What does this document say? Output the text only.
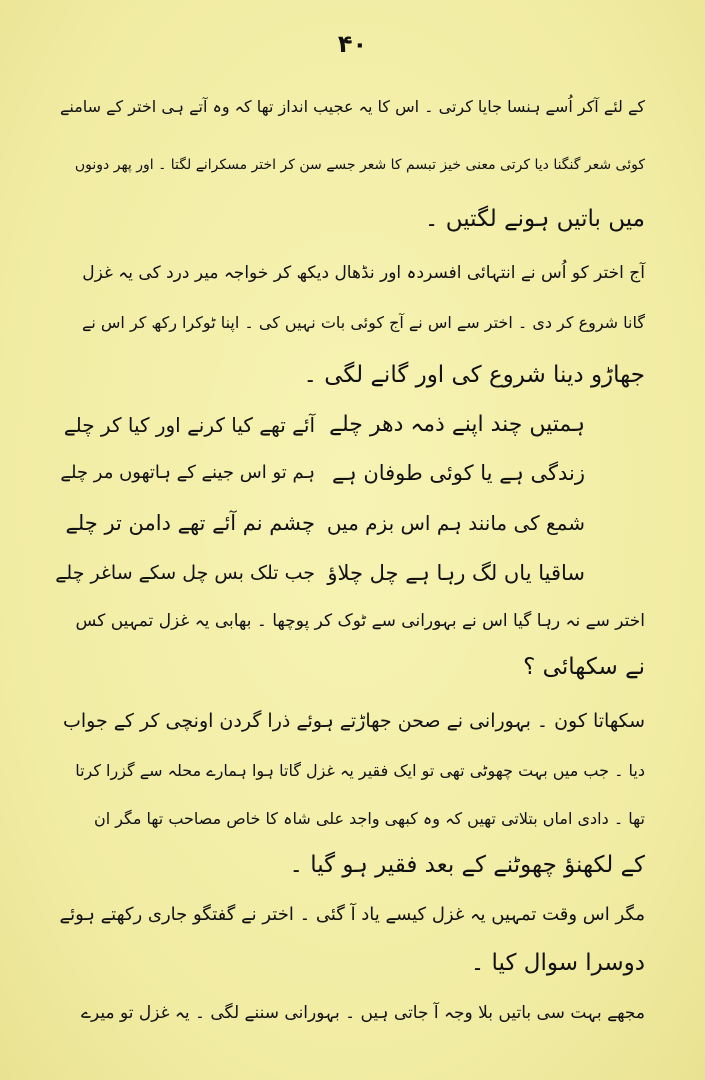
۴۰
کے لئے آکر اُسے ہنسا جایا کرتی ۔ اس کا یہ عجیب انداز تھا کہ وہ آتے ہی اختر کے سامنے
کوئی شعر گنگنا دیا کرتی معنی خیز تبسم کا شعر جسے سن کر اختر مسکرانے لگتا ۔ اور پھر دونوں
میں باتیں ہونے لگتیں ۔
آج اختر کو اُس نے انتہائی افسردہ اور نڈھال دیکھ کر خواجہ میر درد کی یہ غزل
گانا شروع کر دی ۔ اختر سے اس نے آج کوئی بات نہیں کی ۔ اپنا ٹوکرا رکھ کر اس نے
جھاڑو دینا شروع کی اور گانے لگی ۔
ہمتیں چند اپنے ذمہ دھر چلے
آئے تھے کیا کرنے اور کیا کر چلے
زندگی ہے یا کوئی طوفان ہے
ہم تو اس جینے کے ہاتھوں مر چلے
شمع کی مانند ہم اس بزم میں
چشم نم آئے تھے دامن تر چلے
ساقیا یاں لگ رہا ہے چل چلاؤ
جب تلک بس چل سکے ساغر چلے
اختر سے نہ رہا گیا اس نے بہورانی سے ٹوک کر پوچھا ۔ بھابی یہ غزل تمہیں کس
نے سکھائی ؟
سکھاتا کون ۔ بہورانی نے صحن جھاڑتے ہوئے ذرا گردن اونچی کر کے جواب
دیا ۔ جب میں بہت چھوٹی تھی تو ایک فقیر یہ غزل گاتا ہوا ہمارے محلہ سے گزرا کرتا
تھا ۔ دادی اماں بتلاتی تھیں کہ وہ کبھی واجد علی شاہ کا خاص مصاحب تھا مگر ان
کے لکھنؤ چھوٹنے کے بعد فقیر ہو گیا ۔
مگر اس وقت تمہیں یہ غزل کیسے یاد آ گئی ۔ اختر نے گفتگو جاری رکھتے ہوئے
دوسرا سوال کیا ۔
مجھے بہت سی باتیں بلا وجہ آ جاتی ہیں ۔ بہورانی سننے لگی ۔ یہ غزل تو میرے
